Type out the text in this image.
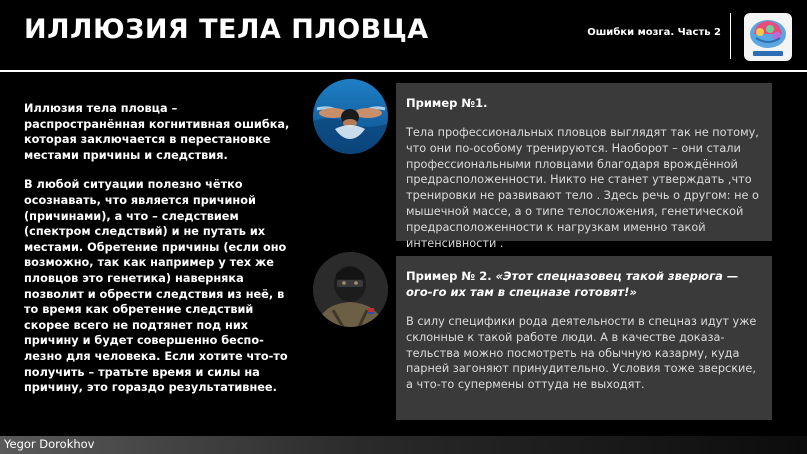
ИЛЛЮЗИЯ ТЕЛА ПЛОВЦА	Ошибки мозга. Часть 2

Иллюзия тела пловца – распространённая когнитивная ошибка, которая заключается в перестановке местами причины и следствия.

В любой ситуации полезно чётко осознавать, что является причиной (причинами), а что – следствием (спектром следствий) и не путать их местами. Обретение причины (если оно возможно, так как например у тех же пловцов это генетика) наверняка позволит и обрести следствия из неё, в то время как обретение следствий скорее всего не подтянет под них причину и будет совершенно беспо-лезно для человека. Если хотите что-то получить – тратьте время и силы на причину, это гораздо результативнее.

Пример №1.
Тела профессиональных пловцов выглядят так не потому, что они по-особому тренируются. Наоборот – они стали профессиональными пловцами благодаря врождённой предрасположенности. Никто не станет утверждать ,что тренировки не развивают тело . Здесь речь о другом: не о мышечной массе, а о типе телосложения, генетической предрасположенности к нагрузкам именно такой интенсивности .
Пример № 2. «Этот спецназовец такой зверюга — ого-го их там в спецназе готовят!»
В силу специфики рода деятельности в спецназ идут уже склонные к такой работе люди. А в качестве доказа-тельства можно посмотреть на обычную казарму, куда парней загоняют принудительно. Условия тоже зверские, а что-то супермены оттуда не выходят.
Yegor Dorokhov
